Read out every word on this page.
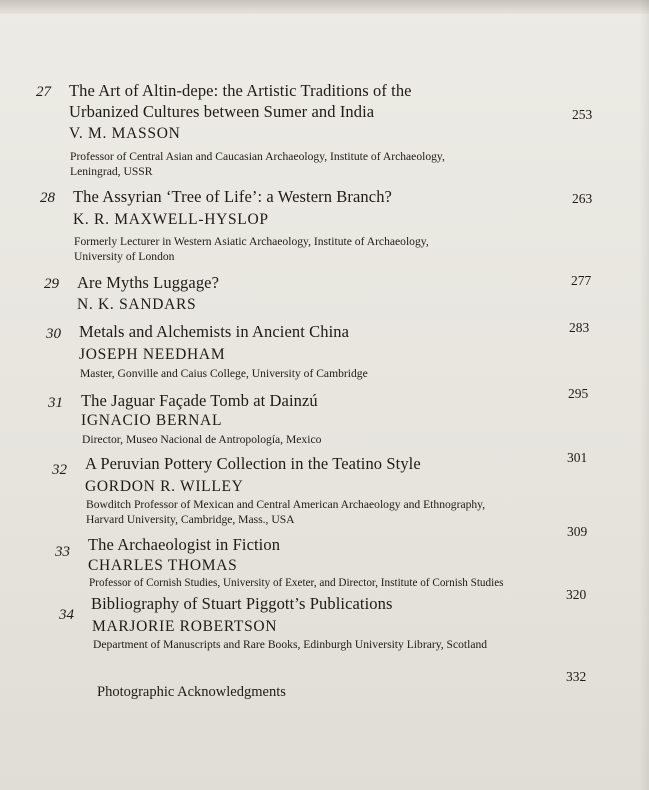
27 The Art of Altin-depe: the Artistic Traditions of the
Urbanized Cultures between Sumer and India
V. M. MASSON
Professor of Central Asian and Caucasian Archaeology, Institute of Archaeology,
Leningrad, USSR
253
28 The Assyrian ‘Tree of Life’: a Western Branch?
K. R. MAXWELL-HYSLOP
Formerly Lecturer in Western Asiatic Archaeology, Institute of Archaeology,
University of London
263
29 Are Myths Luggage?
N. K. SANDARS
277
30 Metals and Alchemists in Ancient China
JOSEPH NEEDHAM
Master, Gonville and Caius College, University of Cambridge
283
31 The Jaguar Façade Tomb at Dainzú
IGNACIO BERNAL
Director, Museo Nacional de Antropología, Mexico
295
32 A Peruvian Pottery Collection in the Teatino Style
GORDON R. WILLEY
Bowditch Professor of Mexican and Central American Archaeology and Ethnography,
Harvard University, Cambridge, Mass., USA
301
33 The Archaeologist in Fiction
CHARLES THOMAS
Professor of Cornish Studies, University of Exeter, and Director, Institute of Cornish Studies
309
34
Bibliography of Stuart Piggott’s Publications
MARJORIE ROBERTSON
Department of Manuscripts and Rare Books, Edinburgh University Library, Scotland
320
Photographic Acknowledgments
332
